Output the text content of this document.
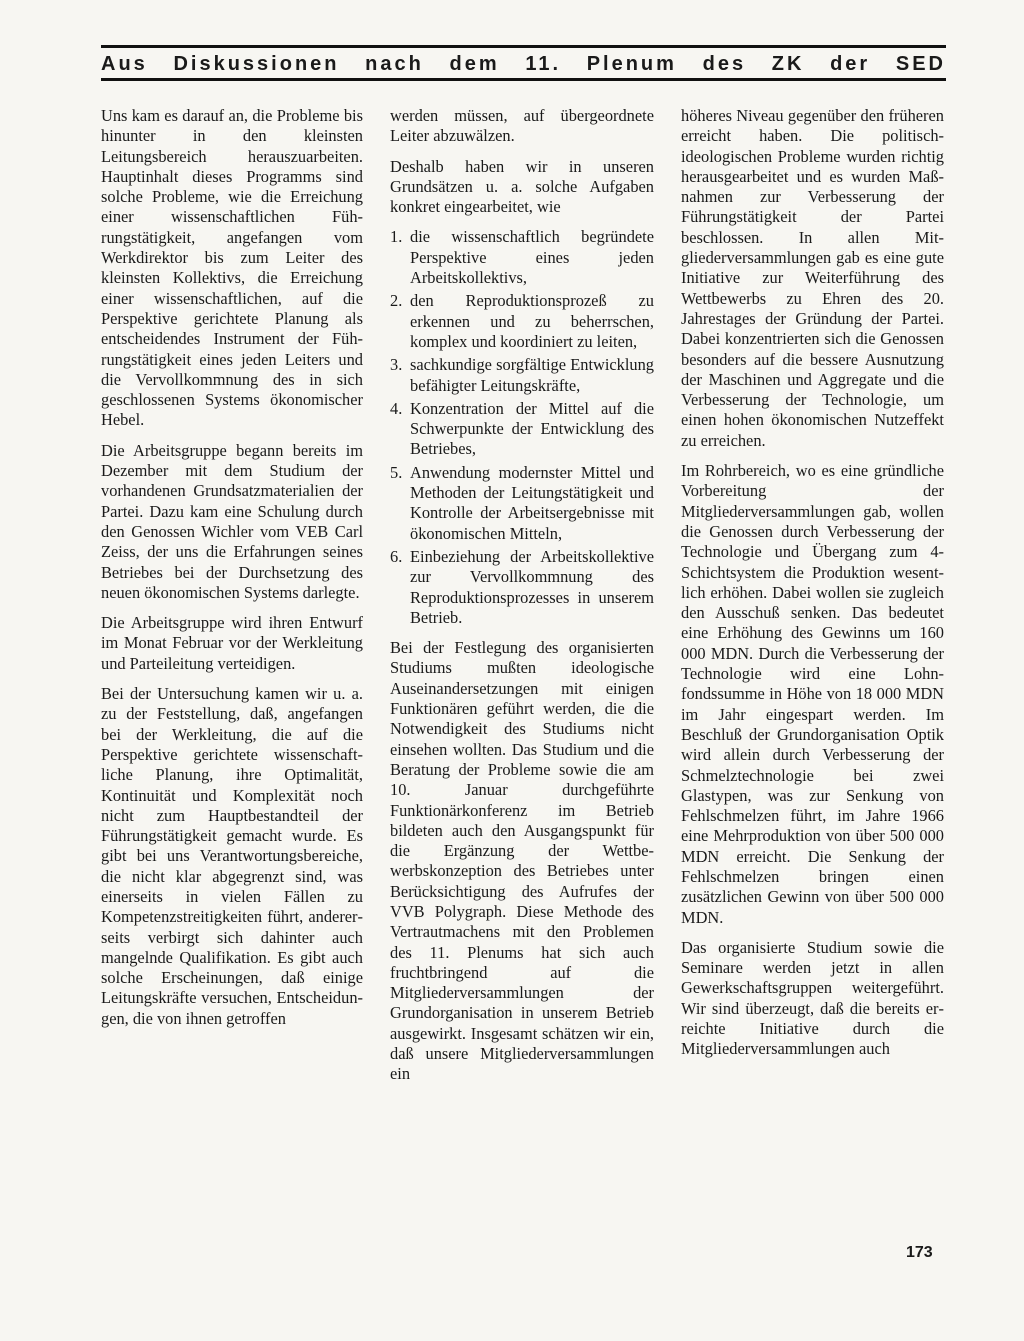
Aus Diskussionen nach dem 11. Plenum des ZK der SED

Uns kam es darauf an, die Probleme bis hinunter in den kleinsten Leitungsbereich herauszuarbeiten. Hauptinhalt dieses Programms sind solche Probleme, wie die Erreichung einer wissenschaftlichen Führungstätigkeit, angefangen vom Werkdirektor bis zum Leiter des kleinsten Kollektivs, die Erreichung einer wissenschaftlichen, auf die Perspektive gerichtete Planung als entscheidendes Instrument der Führungstätigkeit eines jeden Leiters und die Vervollkommnung des in sich geschlossenen Systems ökonomischer Hebel.

Die Arbeitsgruppe begann bereits im Dezember mit dem Studium der vorhandenen Grundsatzmaterialien der Partei. Dazu kam eine Schulung durch den Genossen Wichler vom VEB Carl Zeiss, der uns die Erfahrungen seines Betriebes bei der Durchsetzung des neuen ökonomischen Systems darlegte.

Die Arbeitsgruppe wird ihren Entwurf im Monat Februar vor der Werkleitung und Parteileitung verteidigen.

Bei der Untersuchung kamen wir u. a. zu der Feststellung, daß, angefangen bei der Werkleitung, die auf die Perspektive gerichtete wissenschaftliche Planung, ihre Optimalität, Kontinuität und Komplexität noch nicht zum Hauptbestandteil der Führungstätigkeit gemacht wurde. Es gibt bei uns Verantwortungsbereiche, die nicht klar abgegrenzt sind, was einerseits in vielen Fällen zu Kompetenzstreitigkeiten führt, andererseits verbirgt sich dahinter auch mangelnde Qualifikation. Es gibt auch solche Erscheinungen, daß einige Leitungskräfte versuchen, Entscheidungen, die von ihnen getroffen

werden müssen, auf übergeordnete Leiter abzuwälzen.

Deshalb haben wir in unseren Grundsätzen u. a. solche Aufgaben konkret eingearbeitet, wie

1. die wissenschaftlich begründete Perspektive eines jeden Arbeitskollektivs,
2. den Reproduktionsprozeß zu erkennen und zu beherrschen, komplex und koordiniert zu leiten,
3. sachkundige sorgfältige Entwicklung befähigter Leitungskräfte,
4. Konzentration der Mittel auf die Schwerpunkte der Entwicklung des Betriebes,
5. Anwendung modernster Mittel und Methoden der Leitungstätigkeit und Kontrolle der Arbeitsergebnisse mit ökonomischen Mitteln,
6. Einbeziehung der Arbeitskollektive zur Vervollkommnung des Reproduktionsprozesses in unserem Betrieb.

Bei der Festlegung des organisierten Studiums mußten ideologische Auseinandersetzungen mit einigen Funktionären geführt werden, die die Notwendigkeit des Studiums nicht einsehen wollten. Das Studium und die Beratung der Probleme sowie die am 10. Januar durchgeführte Funktionärkonferenz im Betrieb bildeten auch den Ausgangspunkt für die Ergänzung der Wettbewerbskonzeption des Betriebes unter Berücksichtigung des Aufrufes der VVB Polygraph. Diese Methode des Vertrautmachens mit den Problemen des 11. Plenums hat sich auch fruchtbringend auf die Mitgliederversammlungen der Grundorganisation in unserem Betrieb ausgewirkt. Insgesamt schätzen wir ein, daß unsere Mitgliederversammlungen ein

höheres Niveau gegenüber den früheren erreicht haben. Die politisch-ideologischen Probleme wurden richtig herausgearbeitet und es wurden Maßnahmen zur Verbesserung der Führungstätigkeit der Partei beschlossen. In allen Mitgliederversammlungen gab es eine gute Initiative zur Weiterführung des Wettbewerbs zu Ehren des 20. Jahrestages der Gründung der Partei. Dabei konzentrierten sich die Genossen besonders auf die bessere Ausnutzung der Maschinen und Aggregate und die Verbesserung der Technologie, um einen hohen ökonomischen Nutzeffekt zu erreichen.

Im Rohrbereich, wo es eine gründliche Vorbereitung der Mitgliederversammlungen gab, wollen die Genossen durch Verbesserung der Technologie und Übergang zum 4-Schichtsystem die Produktion wesentlich erhöhen. Dabei wollen sie zugleich den Ausschuß senken. Das bedeutet eine Erhöhung des Gewinns um 160 000 MDN. Durch die Verbesserung der Technologie wird eine Lohnfondssumme in Höhe von 18 000 MDN im Jahr eingespart werden. Im Beschluß der Grundorganisation Optik wird allein durch Verbesserung der Schmelztechnologie bei zwei Glastypen, was zur Senkung von Fehlschmelzen führt, im Jahre 1966 eine Mehrproduktion von über 500 000 MDN erreicht. Die Senkung der Fehlschmelzen bringen einen zusätzlichen Gewinn von über 500 000 MDN.

Das organisierte Studium sowie die Seminare werden jetzt in allen Gewerkschaftsgruppen weitergeführt. Wir sind überzeugt, daß die bereits erreichte Initiative durch die Mitgliederversammlungen auch

173
